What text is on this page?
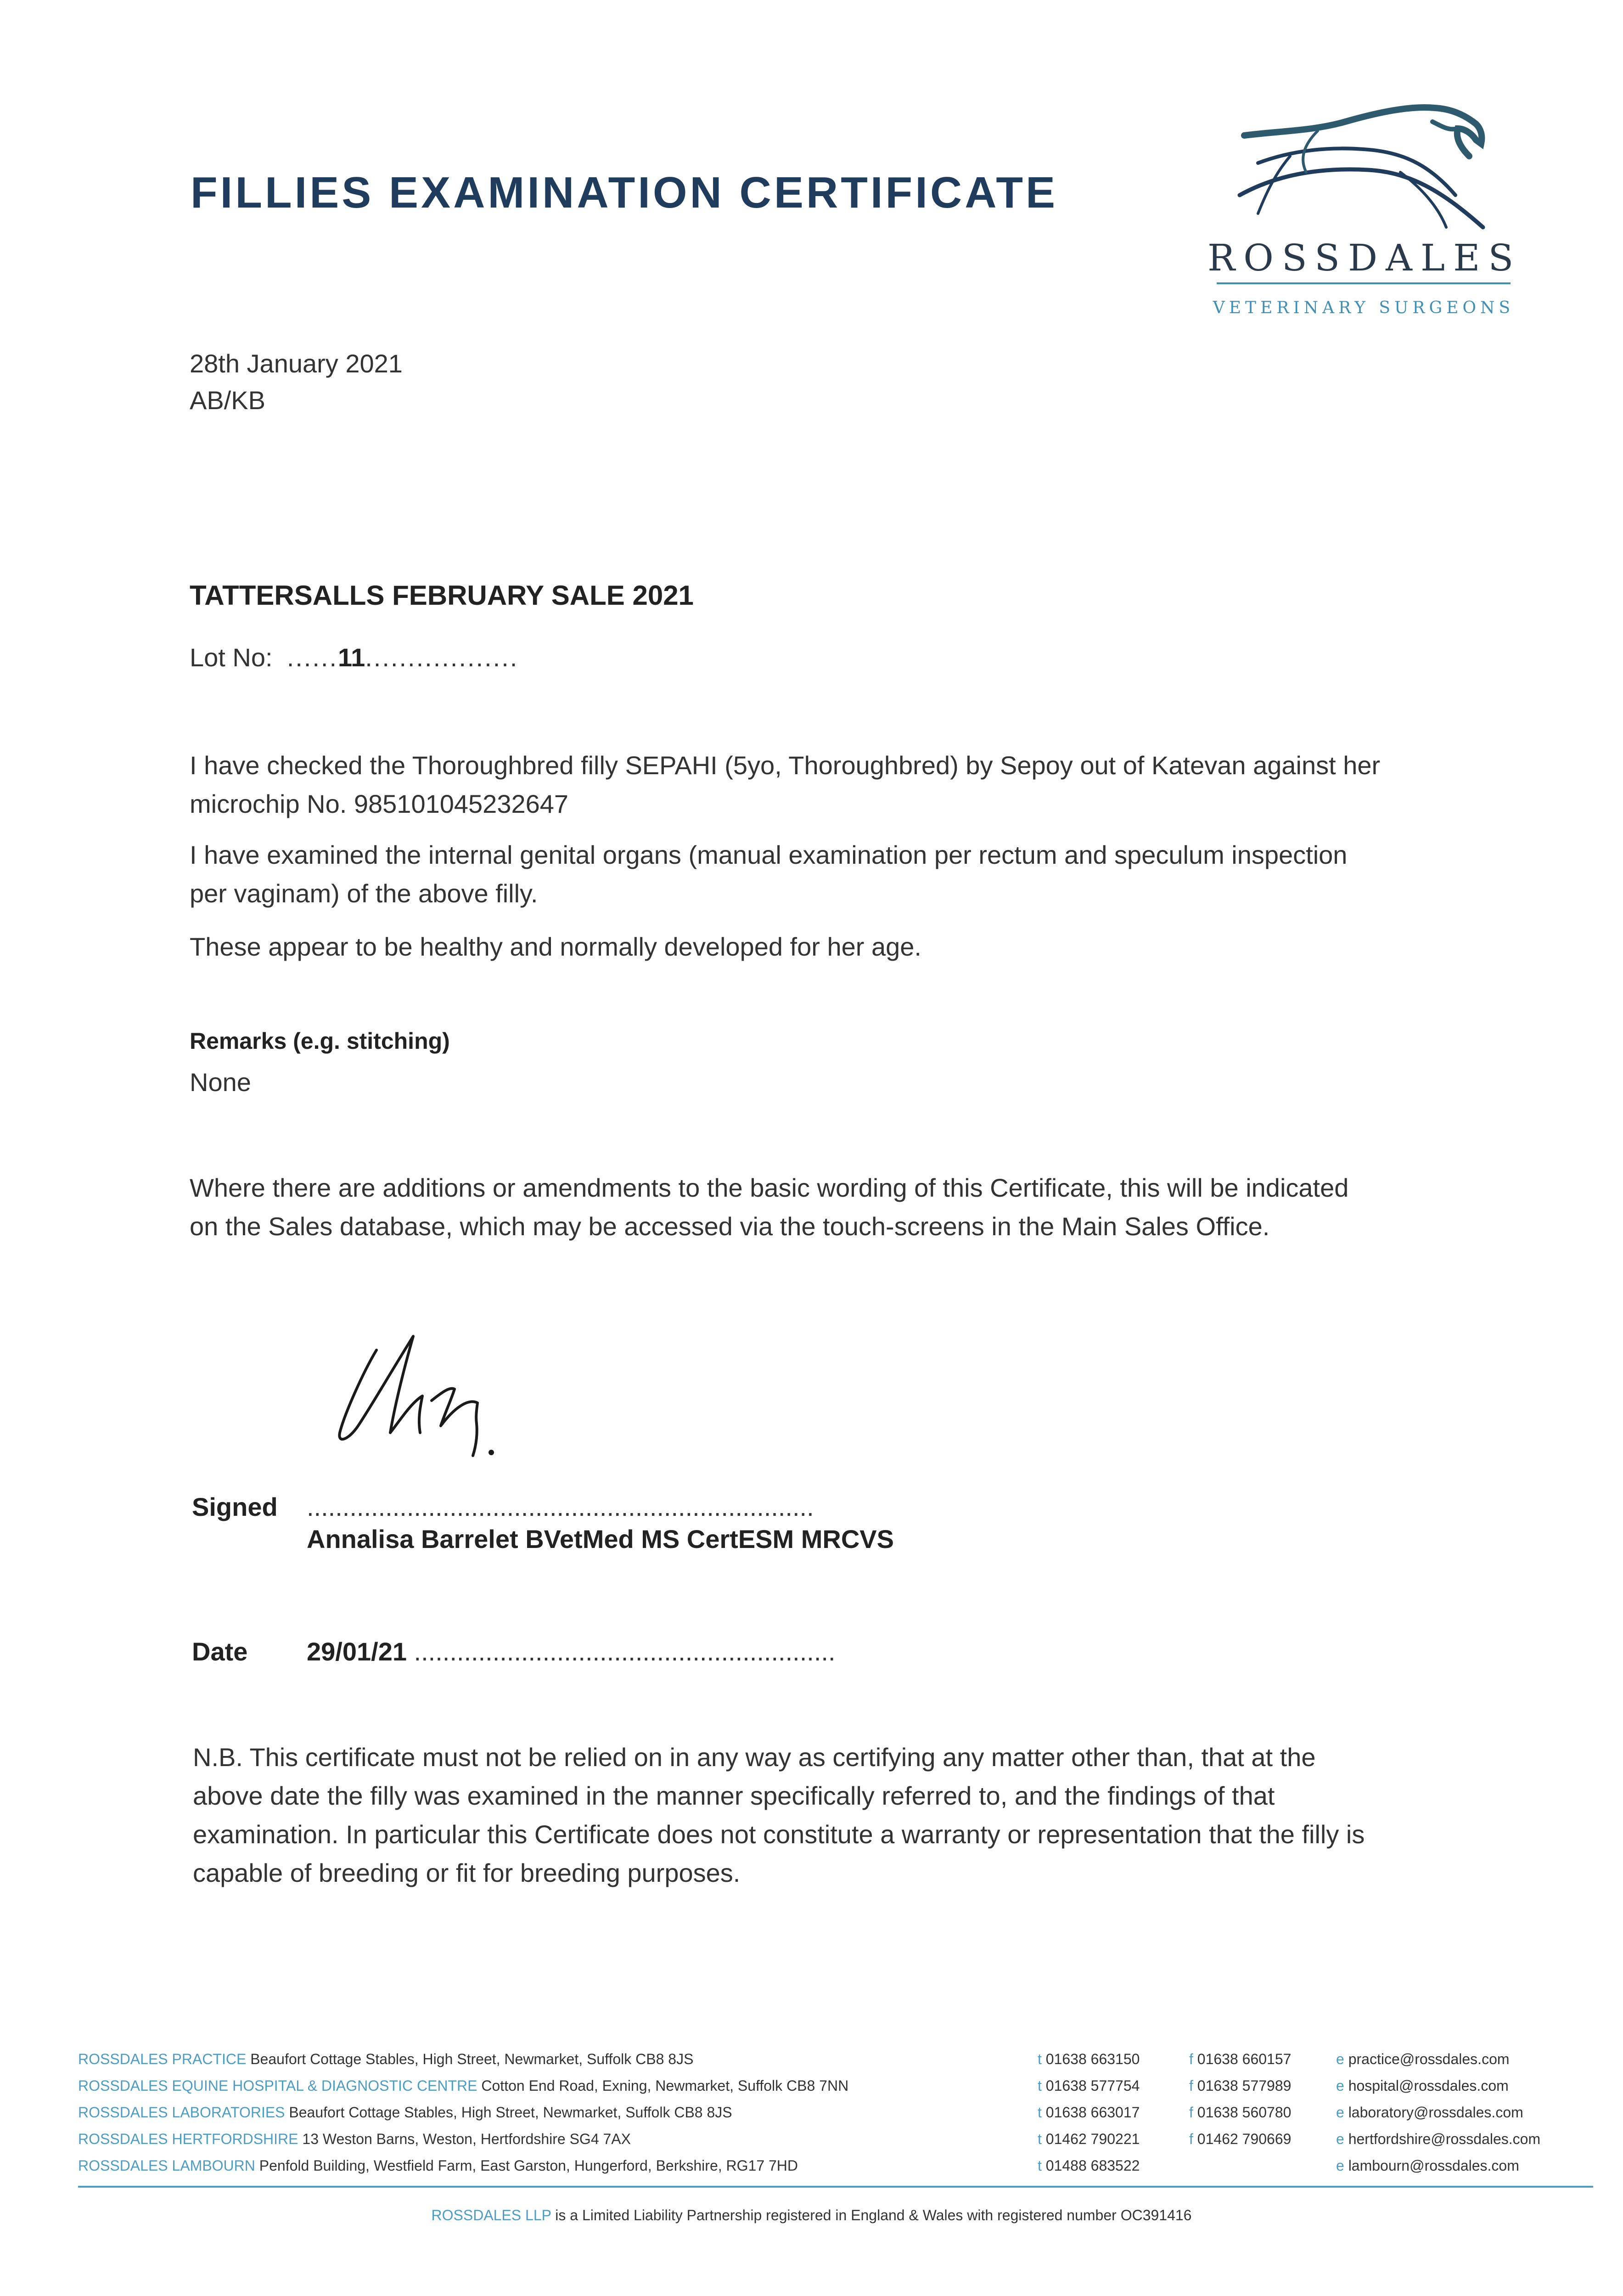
FILLIES EXAMINATION CERTIFICATE
ROSSDALES
VETERINARY SURGEONS
28th January 2021
AB/KB
TATTERSALLS FEBRUARY SALE 2021
Lot No: ......11..................
I have checked the Thoroughbred filly SEPAHI (5yo, Thoroughbred) by Sepoy out of Katevan against her
microchip No. 985101045232647
I have examined the internal genital organs (manual examination per rectum and speculum inspection
per vaginam) of the above filly.
These appear to be healthy and normally developed for her age.
Remarks (e.g. stitching)
None
Where there are additions or amendments to the basic wording of this Certificate, this will be indicated
on the Sales database, which may be accessed via the touch-screens in the Main Sales Office.
Signed .......................................................................
Annalisa Barrelet BVetMed MS CertESM MRCVS
Date 29/01/21 ...........................................................
N.B. This certificate must not be relied on in any way as certifying any matter other than, that at the
above date the filly was examined in the manner specifically referred to, and the findings of that
examination. In particular this Certificate does not constitute a warranty or representation that the filly is
capable of breeding or fit for breeding purposes.
ROSSDALES PRACTICE Beaufort Cottage Stables, High Street, Newmarket, Suffolk CB8 8JS	t 01638 663150	f 01638 660157	e practice@rossdales.com
ROSSDALES EQUINE HOSPITAL & DIAGNOSTIC CENTRE Cotton End Road, Exning, Newmarket, Suffolk CB8 7NN	t 01638 577754	f 01638 577989	e hospital@rossdales.com
ROSSDALES LABORATORIES Beaufort Cottage Stables, High Street, Newmarket, Suffolk CB8 8JS	t 01638 663017	f 01638 560780	e laboratory@rossdales.com
ROSSDALES HERTFORDSHIRE 13 Weston Barns, Weston, Hertfordshire SG4 7AX	t 01462 790221	f 01462 790669	e hertfordshire@rossdales.com
ROSSDALES LAMBOURN Penfold Building, Westfield Farm, East Garston, Hungerford, Berkshire, RG17 7HD	t 01488 683522	e lambourn@rossdales.com
ROSSDALES LLP is a Limited Liability Partnership registered in England & Wales with registered number OC391416
